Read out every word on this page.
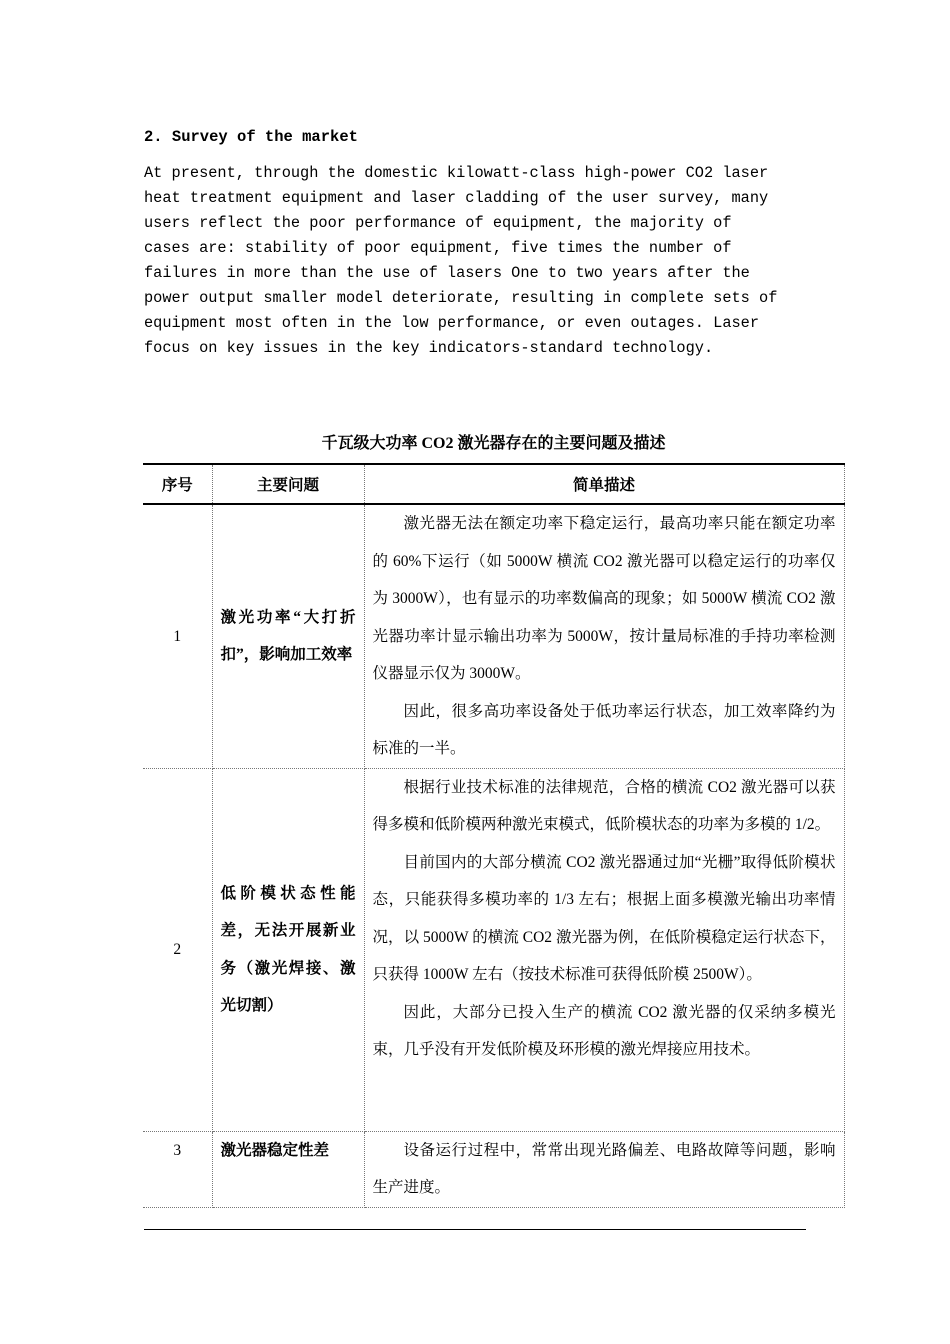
2. Survey of the market
At present, through the domestic kilowatt-class high-power CO2 laser
heat treatment equipment and laser cladding of the user survey, many
users reflect the poor performance of equipment, the majority of
cases are: stability of poor equipment, five times the number of
failures in more than the use of lasers One to two years after the
power output smaller model deteriorate, resulting in complete sets of
equipment most often in the low performance, or even outages. Laser
focus on key issues in the key indicators-standard technology.
千瓦级大功率 CO2 激光器存在的主要问题及描述
序号	主要问题	简单描述
1	激光功率“大打折扣”，影响加工效率	激光器无法在额定功率下稳定运行，最高功率只能在额定功率的 60%下运行（如 5000W 横流 CO2 激光器可以稳定运行的功率仅为 3000W），也有显示的功率数偏高的现象；如 5000W 横流 CO2 激光器功率计显示输出功率为 5000W，按计量局标准的手持功率检测仪器显示仅为 3000W。

因此，很多高功率设备处于低功率运行状态，加工效率降约为标准的一半。

2	低阶模状态性能差，无法开展新业务（激光焊接、激光切割）	根据行业技术标准的法律规范，合格的横流 CO2 激光器可以获得多模和低阶模两种激光束模式，低阶模状态的功率为多模的 1/2。

目前国内的大部分横流 CO2 激光器通过加“光栅”取得低阶模状态，只能获得多模功率的 1/3 左右；根据上面多模激光输出功率情况，以 5000W 的横流 CO2 激光器为例，在低阶模稳定运行状态下，只获得 1000W 左右（按技术标准可获得低阶模 2500W）。

因此，大部分已投入生产的横流 CO2 激光器的仅采纳多模光束，几乎没有开发低阶模及环形模的激光焊接应用技术。

3	激光器稳定性差	设备运行过程中，常常出现光路偏差、电路故障等问题，影响生产进度。
